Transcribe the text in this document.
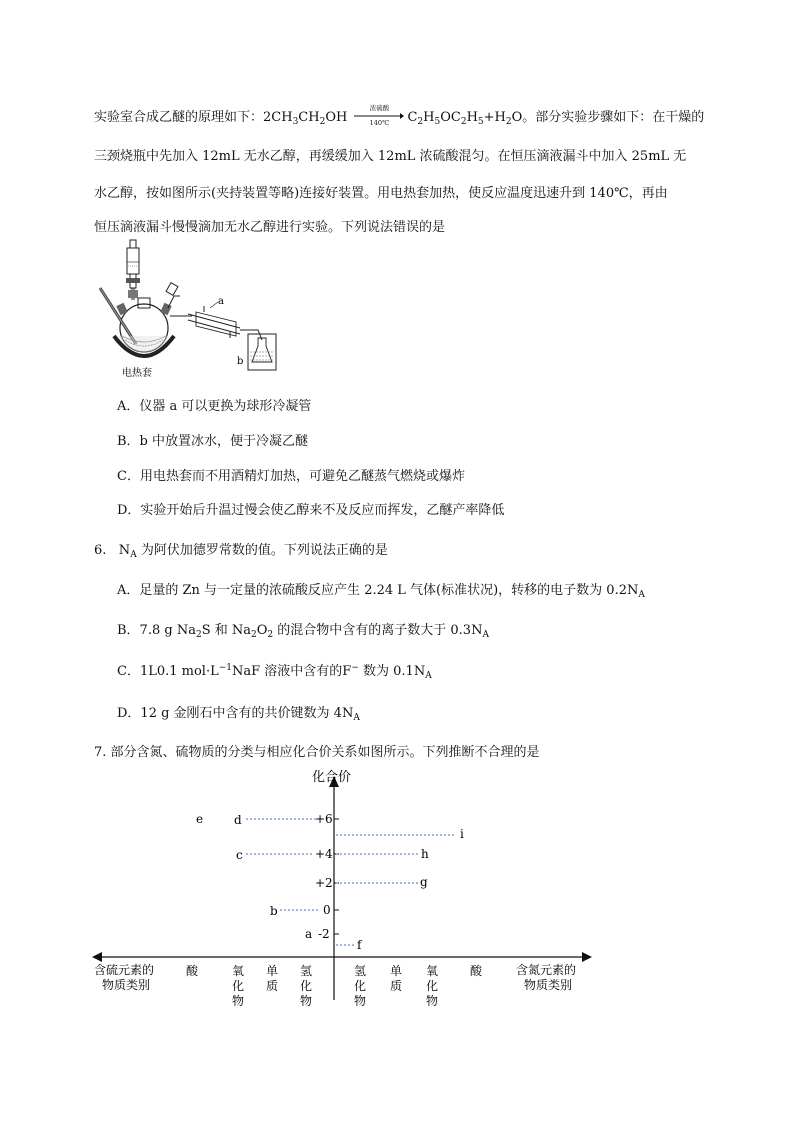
实验室合成乙醚的原理如下：$2CH_3CH_2OH$
浓硫酸
140℃	$C_2H_5OC_2H_5+H_2O$。部分实验步骤如下：在干燥的
三颈烧瓶中先加入 12mL 无水乙醇，再缓缓加入 12mL 浓硫酸混匀。在恒压滴液漏斗中加入 25mL 无
水乙醇，按如图所示(夹持装置等略)连接好装置。用电热套加热，使反应温度迅速升到 140℃，再由
恒压滴液漏斗慢慢滴加无水乙醇进行实验。下列说法错误的是
a
b
电热套
A．仪器 a 可以更换为球形冷凝管
B．b 中放置冰水，便于冷凝乙醚
C．用电热套而不用酒精灯加热，可避免乙醚蒸气燃烧或爆炸
D．实验开始后升温过慢会使乙醇来不及反应而挥发，乙醚产率降低
6.   $N_A$ 为阿伏加德罗常数的值。下列说法正确的是
A．足量的 Zn 与一定量的浓硫酸反应产生 2.24 L 气体(标准状况)，转移的电子数为 $0.2N_A$
B．7.8 g $Na_2S$ 和 $Na_2O_2$ 的混合物中含有的离子数大于 $0.3N_A$
C．1L0.1 $mol\cdot L^{-1}NaF$ 溶液中含有的F− 数为 $0.1N_A$
D．12 g 金刚石中含有的共价键数为 $4N_A$
7. 部分含氮、硫物质的分类与相应化合价关系如图所示。下列推断不合理的是
化合价
+6
+4
+2
0
-2
e	d
c
b
a
i
h
g
f
含硫元素的
物质类别
含氮元素的
物质类别
酸	氧
化
物
单
质
氢
化
物
氢
化
物
单
质
氧
化
物
酸
